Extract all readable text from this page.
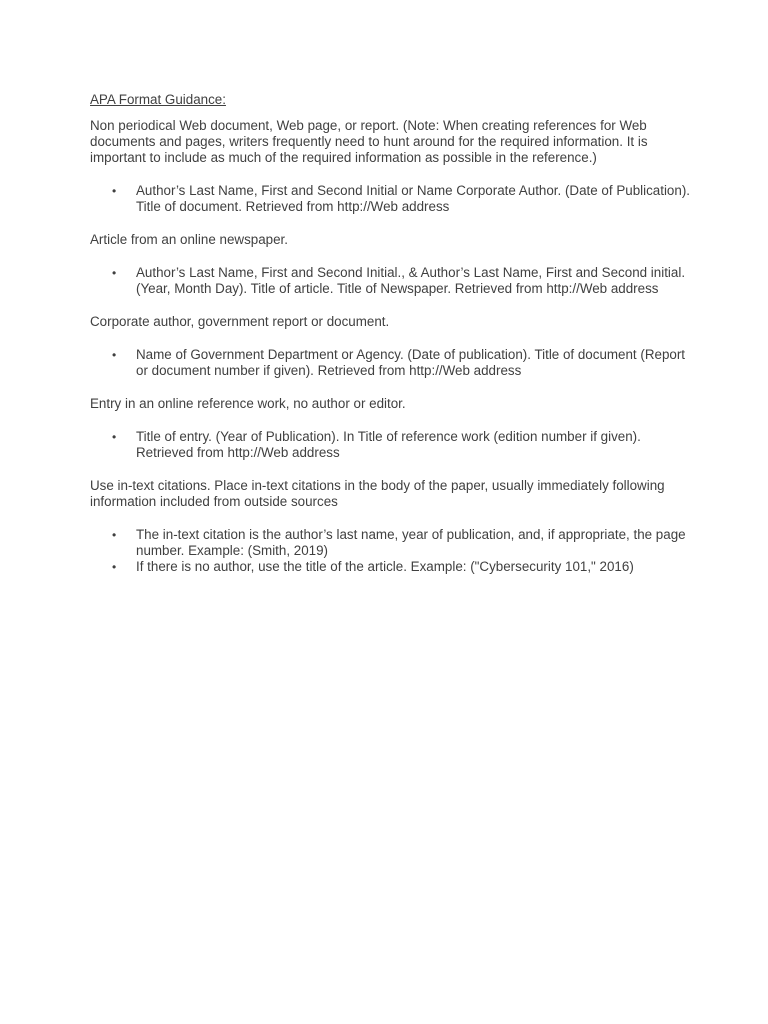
APA Format Guidance:

Non periodical Web document, Web page, or report. (Note: When creating references for Web documents and pages, writers frequently need to hunt around for the required information. It is important to include as much of the required information as possible in the reference.)

• Author’s Last Name, First and Second Initial or Name Corporate Author. (Date of Publication). Title of document. Retrieved from http://Web address

Article from an online newspaper.

• Author’s Last Name, First and Second Initial., & Author’s Last Name, First and Second initial. (Year, Month Day). Title of article. Title of Newspaper. Retrieved from http://Web address

Corporate author, government report or document.

• Name of Government Department or Agency. (Date of publication). Title of document (Report or document number if given). Retrieved from http://Web address

Entry in an online reference work, no author or editor.

• Title of entry. (Year of Publication). In Title of reference work (edition number if given). Retrieved from http://Web address

Use in-text citations. Place in-text citations in the body of the paper, usually immediately following information included from outside sources

• The in-text citation is the author’s last name, year of publication, and, if appropriate, the page number. Example: (Smith, 2019)
• If there is no author, use the title of the article. Example: ("Cybersecurity 101," 2016)
